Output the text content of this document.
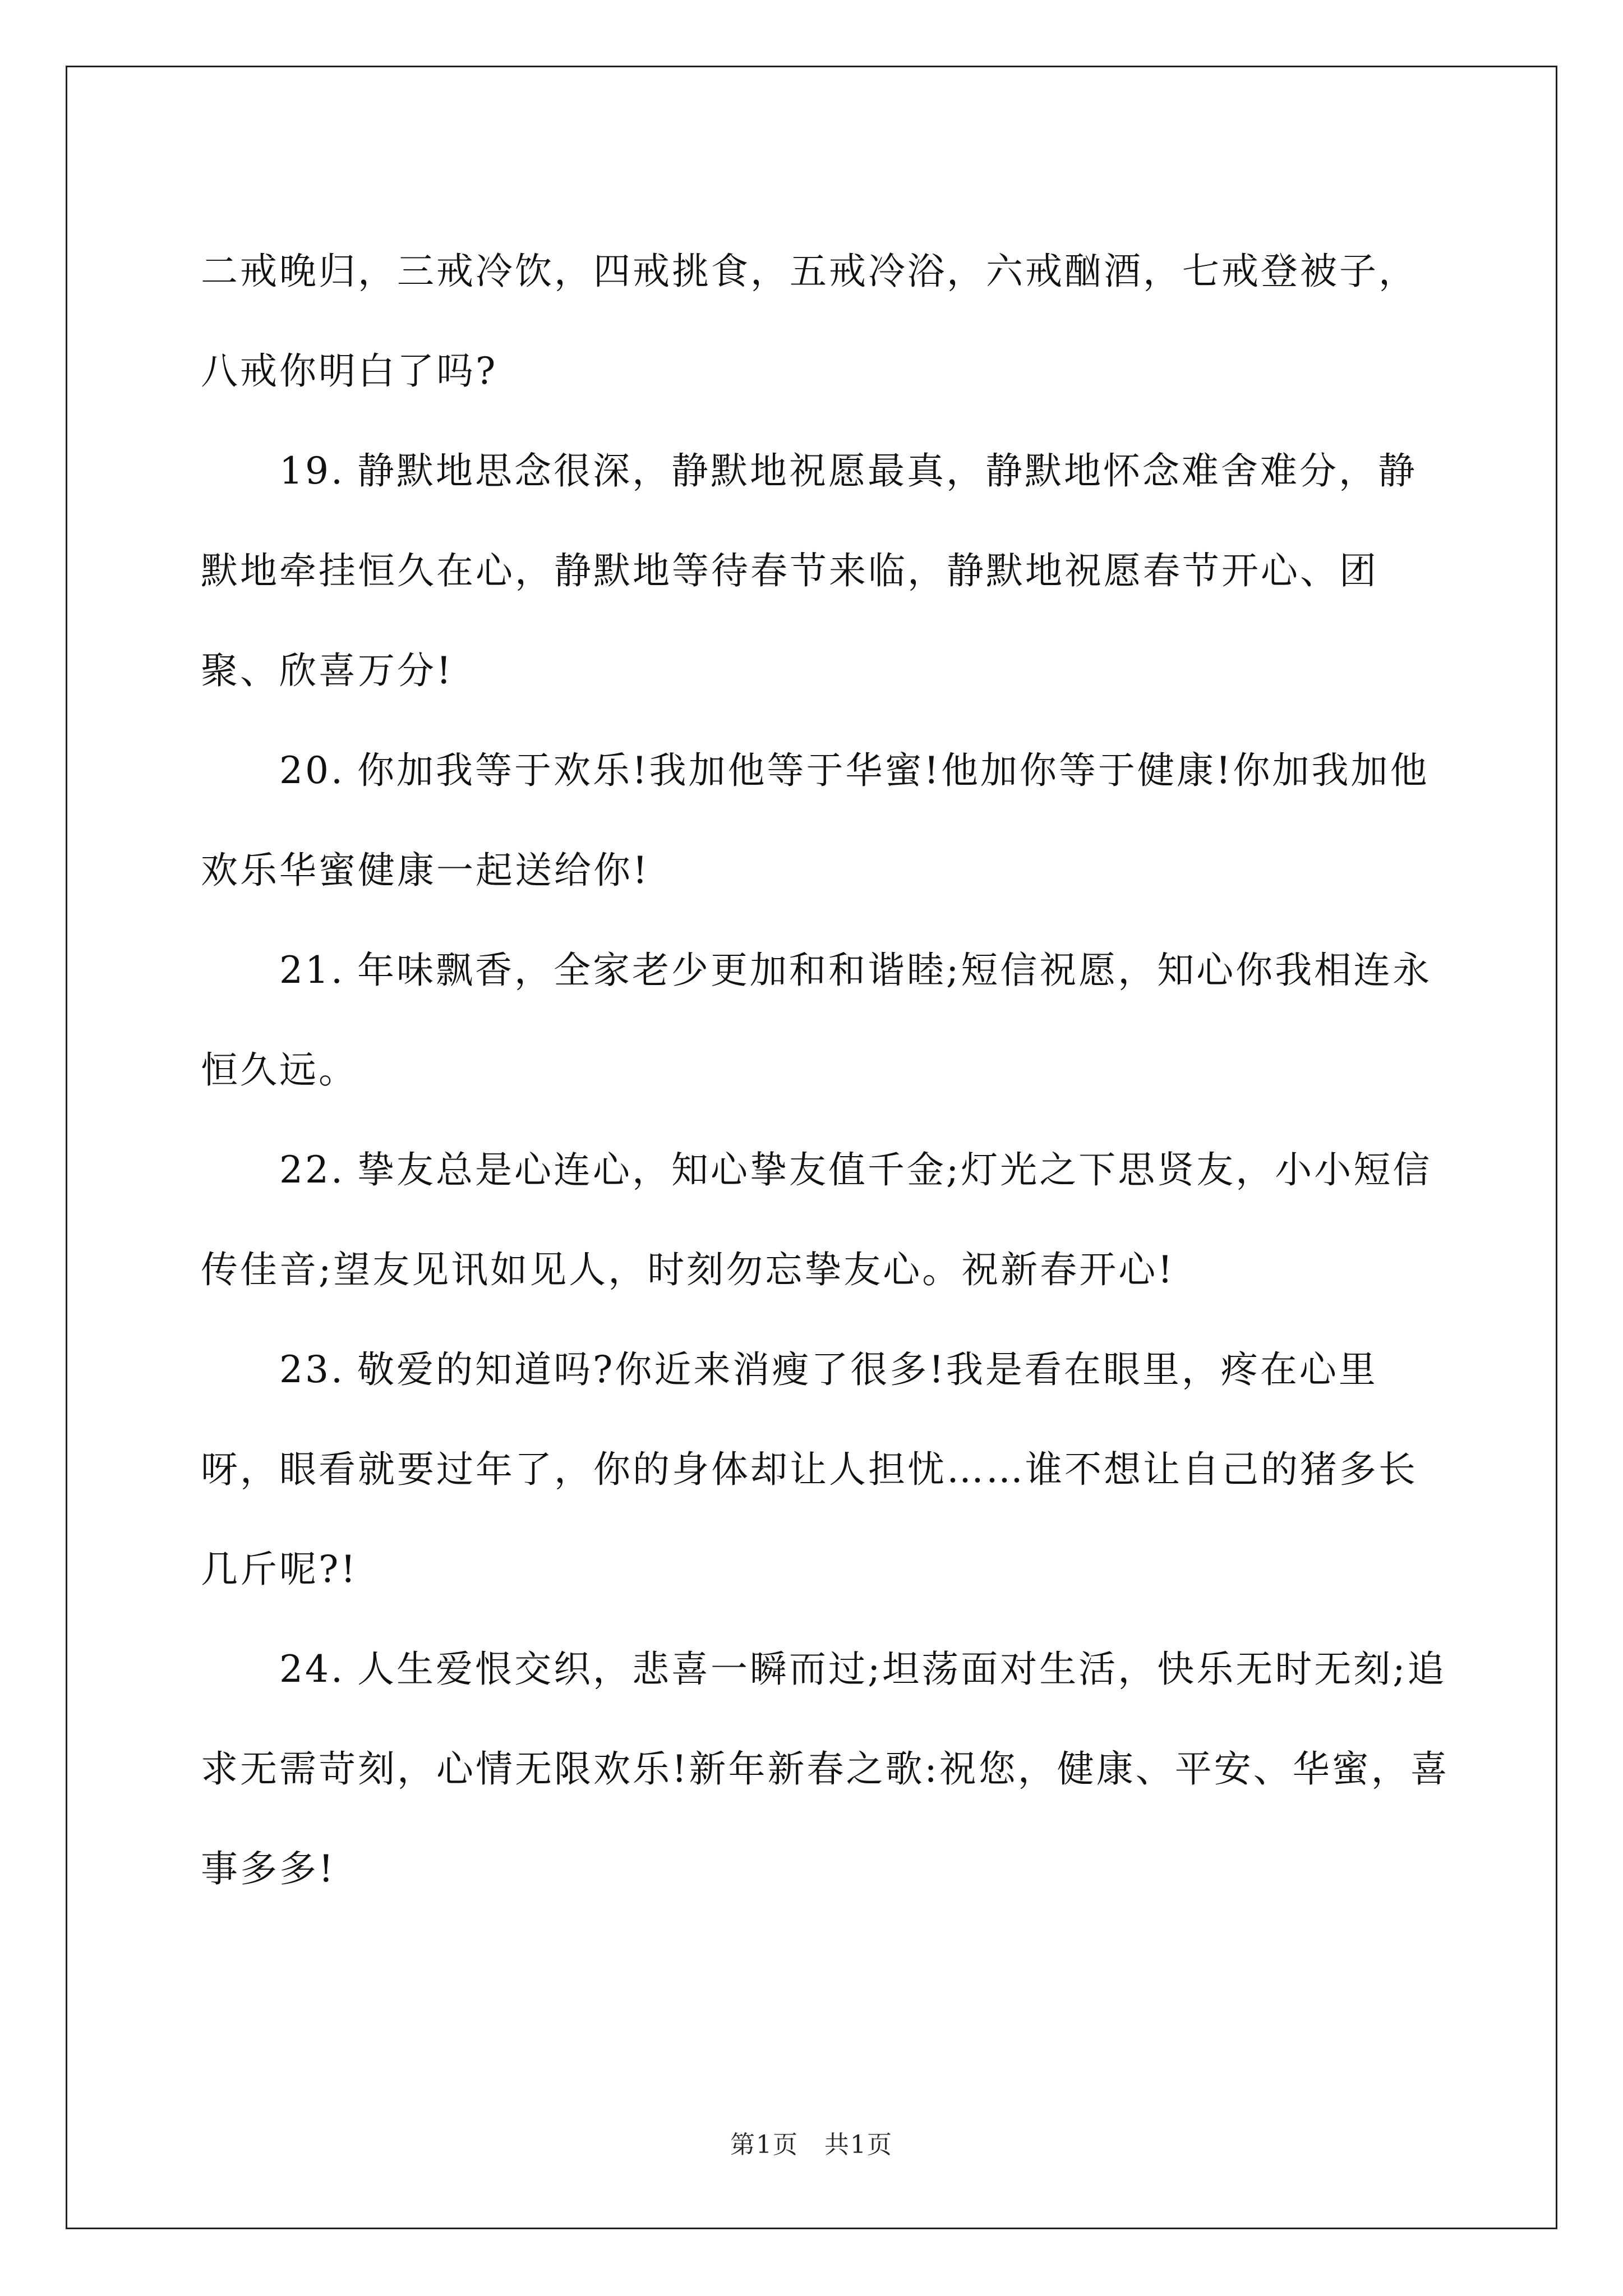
二戒晚归，三戒冷饮，四戒挑食，五戒冷浴，六戒酗酒，七戒登被子，八戒你明白了吗?

19. 静默地思念很深，静默地祝愿最真，静默地怀念难舍难分，静默地牵挂恒久在心，静默地等待春节来临，静默地祝愿春节开心、团聚、欣喜万分!

20. 你加我等于欢乐!我加他等于华蜜!他加你等于健康!你加我加他欢乐华蜜健康一起送给你!

21. 年味飘香，全家老少更加和和谐睦;短信祝愿，知心你我相连永恒久远。

22. 挚友总是心连心，知心挚友值千金;灯光之下思贤友，小小短信传佳音;望友见讯如见人，时刻勿忘挚友心。祝新春开心!

23. 敬爱的知道吗?你近来消瘦了很多!我是看在眼里，疼在心里呀，眼看就要过年了，你的身体却让人担忧……谁不想让自己的猪多长几斤呢?!

24. 人生爱恨交织，悲喜一瞬而过;坦荡面对生活，快乐无时无刻;追求无需苛刻，心情无限欢乐!新年新春之歌:祝您，健康、平安、华蜜，喜事多多!

第1页　共1页
